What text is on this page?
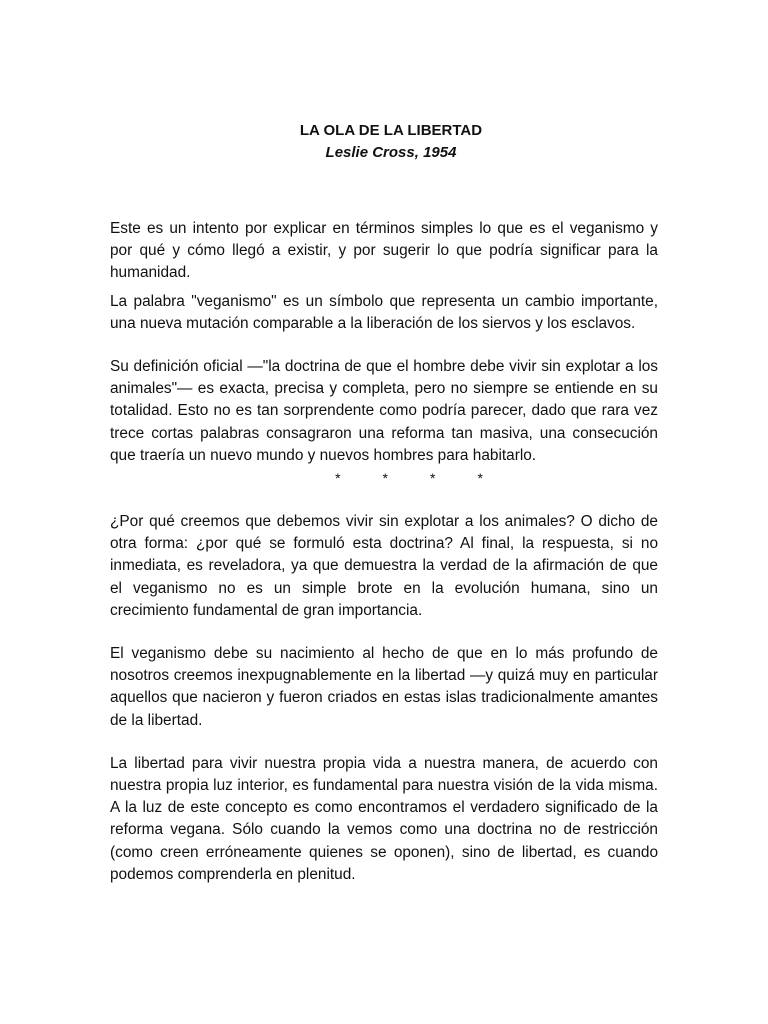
LA OLA DE LA LIBERTAD
Leslie Cross, 1954

Este es un intento por explicar en términos simples lo que es el veganismo y por qué y cómo llegó a existir, y por sugerir lo que podría significar para la humanidad.

La palabra "veganismo" es un símbolo que representa un cambio importante, una nueva mutación comparable a la liberación de los siervos y los esclavos.

Su definición oficial —"la doctrina de que el hombre debe vivir sin explotar a los animales"— es exacta, precisa y completa, pero no siempre se entiende en su totalidad. Esto no es tan sorprendente como podría parecer, dado que rara vez trece cortas palabras consagraron una reforma tan masiva, una consecución que traería un nuevo mundo y nuevos hombres para habitarlo.

*	*	*	*

¿Por qué creemos que debemos vivir sin explotar a los animales? O dicho de otra forma: ¿por qué se formuló esta doctrina? Al final, la respuesta, si no inmediata, es reveladora, ya que demuestra la verdad de la afirmación de que el veganismo no es un simple brote en la evolución humana, sino un crecimiento fundamental de gran importancia.

El veganismo debe su nacimiento al hecho de que en lo más profundo de nosotros creemos inexpugnablemente en la libertad —y quizá muy en particular aquellos que nacieron y fueron criados en estas islas tradicionalmente amantes de la libertad.

La libertad para vivir nuestra propia vida a nuestra manera, de acuerdo con nuestra propia luz interior, es fundamental para nuestra visión de la vida misma. A la luz de este concepto es como encontramos el verdadero significado de la reforma vegana. Sólo cuando la vemos como una doctrina no de restricción (como creen erróneamente quienes se oponen), sino de libertad, es cuando podemos comprenderla en plenitud.
